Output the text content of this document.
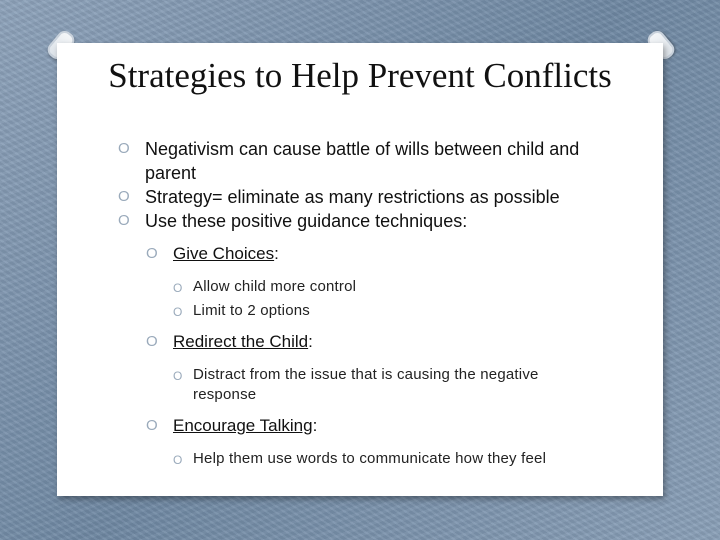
Strategies to Help Prevent Conflicts
O Negativism can cause battle of wills between child and parent
O Strategy= eliminate as many restrictions as possible
O Use these positive guidance techniques:
O Give Choices:
O Allow child more control
O Limit to 2 options
O Redirect the Child:
O Distract from the issue that is causing the negative response
O Encourage Talking:
O Help them use words to communicate how they feel
